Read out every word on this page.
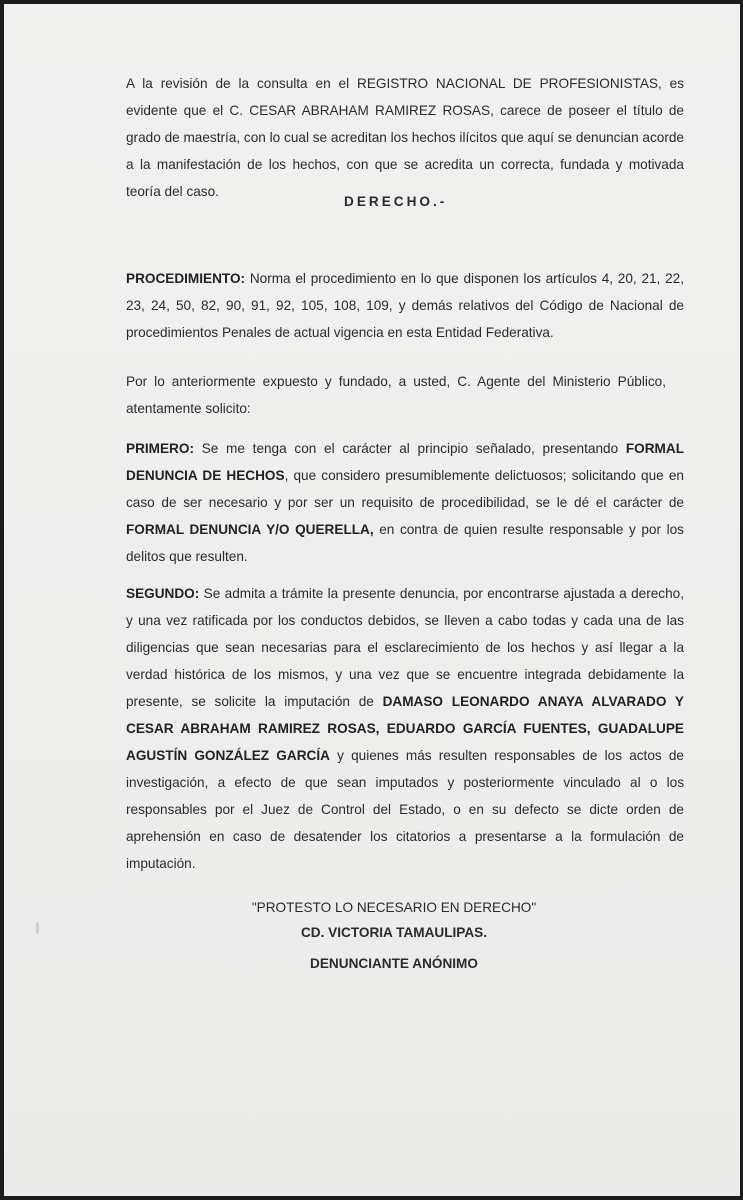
A la revisión de la consulta en el REGISTRO NACIONAL DE PROFESIONISTAS, es evidente que el C. CESAR ABRAHAM RAMIREZ ROSAS, carece de poseer el título de grado de maestría, con lo cual se acreditan los hechos ilícitos que aquí se denuncian acorde a la manifestación de los hechos, con que se acredita un correcta, fundada y motivada teoría del caso.

DERECHO.-

PROCEDIMIENTO: Norma el procedimiento en lo que disponen los artículos 4, 20, 21, 22, 23, 24, 50, 82, 90, 91, 92, 105, 108, 109, y demás relativos del Código de Nacional de procedimientos Penales de actual vigencia en esta Entidad Federativa.

Por lo anteriormente expuesto y fundado, a usted, C. Agente del Ministerio Público, atentamente solicito:

PRIMERO: Se me tenga con el carácter al principio señalado, presentando FORMAL DENUNCIA DE HECHOS, que considero presumiblemente delictuosos; solicitando que en caso de ser necesario y por ser un requisito de procedibilidad, se le dé el carácter de FORMAL DENUNCIA Y/O QUERELLA, en contra de quien resulte responsable y por los delitos que resulten.

SEGUNDO: Se admita a trámite la presente denuncia, por encontrarse ajustada a derecho, y una vez ratificada por los conductos debidos, se lleven a cabo todas y cada una de las diligencias que sean necesarias para el esclarecimiento de los hechos y así llegar a la verdad histórica de los mismos, y una vez que se encuentre integrada debidamente la presente, se solicite la imputación de DAMASO LEONARDO ANAYA ALVARADO Y CESAR ABRAHAM RAMIREZ ROSAS, EDUARDO GARCÍA FUENTES, GUADALUPE AGUSTÍN GONZÁLEZ GARCÍA y quienes más resulten responsables de los actos de investigación, a efecto de que sean imputados y posteriormente vinculado al o los responsables por el Juez de Control del Estado, o en su defecto se dicte orden de aprehensión en caso de desatender los citatorios a presentarse a la formulación de imputación.

"PROTESTO LO NECESARIO EN DERECHO"

CD. VICTORIA TAMAULIPAS.

DENUNCIANTE ANÓNIMO
